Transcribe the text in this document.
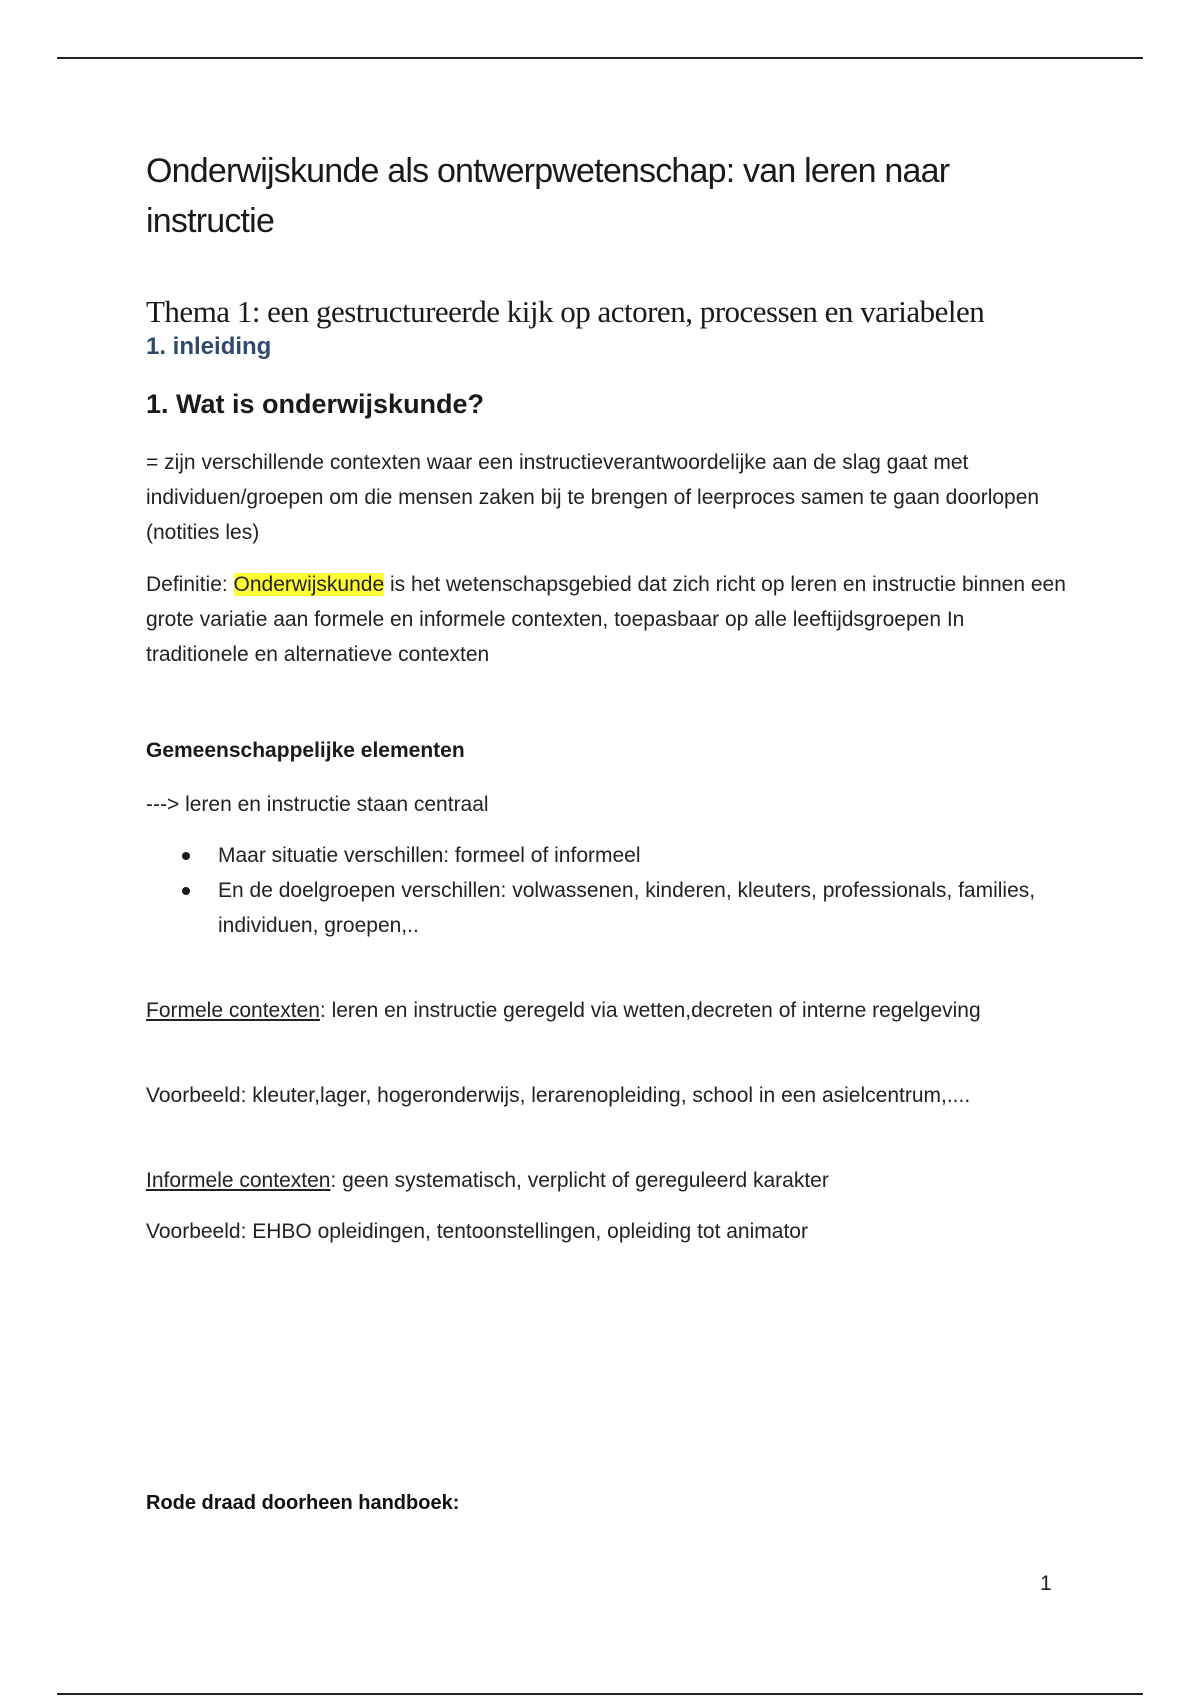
Onderwijskunde als ontwerpwetenschap: van leren naar instructie
Thema 1: een gestructureerde kijk op actoren, processen en variabelen
1. inleiding
1. Wat is onderwijskunde?
= zijn verschillende contexten waar een instructieverantwoordelijke aan de slag gaat met individuen/groepen om die mensen zaken bij te brengen of leerproces samen te gaan doorlopen (notities les)
Definitie: Onderwijskunde is het wetenschapsgebied dat zich richt op leren en instructie binnen een grote variatie aan formele en informele contexten, toepasbaar op alle leeftijdsgroepen In traditionele en alternatieve contexten
Gemeenschappelijke elementen
---> leren en instructie staan centraal
Maar situatie verschillen: formeel of informeel
En de doelgroepen verschillen: volwassenen, kinderen, kleuters, professionals, families, individuen, groepen,..
Formele contexten: leren en instructie geregeld via wetten,decreten of interne regelgeving
Voorbeeld: kleuter,lager, hogeronderwijs, lerarenopleiding, school in een asielcentrum,....
Informele contexten: geen systematisch, verplicht of gereguleerd karakter
Voorbeeld: EHBO opleidingen, tentoonstellingen, opleiding tot animator
Rode draad doorheen handboek:
1
